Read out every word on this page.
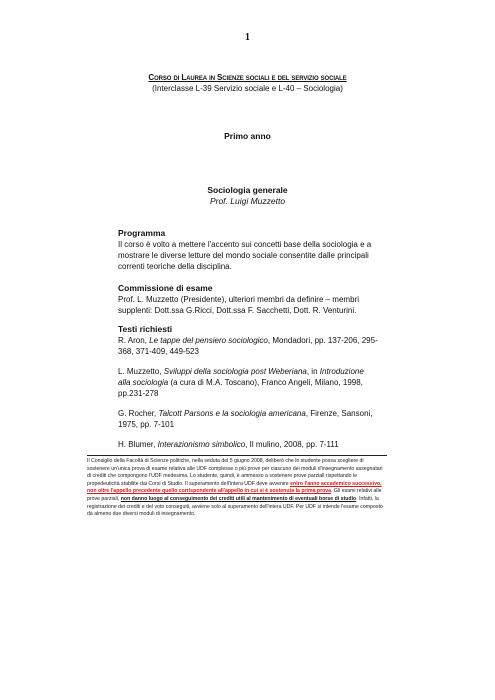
1
Corso di Laurea in Scienze sociali e del servizio sociale
(Interclasse L-39 Servizio sociale e L-40 – Sociologia)
Primo anno
Sociologia generale
Prof. Luigi Muzzetto
Programma
Il corso è volto a mettere l'accento sui concetti base della sociologia e a mostrare le diverse letture del mondo sociale consentite dalle principali correnti teoriche della disciplina.
Commissione di esame
Prof. L. Muzzetto (Presidente), ulteriori membri da definire – membri supplenti: Dott.ssa G.Ricci, Dott.ssa F. Sacchetti, Dott. R. Venturini.
Testi richiesti
R. Aron, Le tappe del pensiero sociologico, Mondadori, pp. 137-206, 295-368, 371-409, 449-523
L. Muzzetto, Sviluppi della sociologia post Weberiana, in Introduzione alla sociologia (a cura di M.A. Toscano), Franco Angeli, Milano, 1998, pp.231-278
G. Rocher, Talcott Parsons e la sociologia americana, Firenze, Sansoni, 1975, pp. 7-101
H. Blumer, Interazionismo simbolico, Il mulino, 2008, pp. 7-111
Il Consiglio della Facoltà di Scienze politiche, nella seduta del 5 giugno 2008, deliberò che lo studente possa scegliere di sostenere un'unica prova di esame relativa alle UDF complesse o più prove per ciascuno dei moduli d'insegnamento assegnatari di crediti che compongono l'UDF medesima. Lo studente, quindi, è ammesso a sostenere prove parziali rispettando le propedeuticità stabilite dai Corsi di Studio. Il superamento dell'intera UDF deve avvenire entro l'anno accademico successivo, non oltre l'appello precedente quello corrispondente all'appello in cui si è sostenuta la prima prova. Gli esami relativi alle prove parziali, non danno luogo al conseguimento dei crediti utili al mantenimento di eventuali borse di studio. Infatti, la registrazione dei crediti e del voto conseguiti, avviene solo al superamento dell'intera UDF. Per UDF si intende l'esame composto da almeno due diversi moduli di insegnamento.
